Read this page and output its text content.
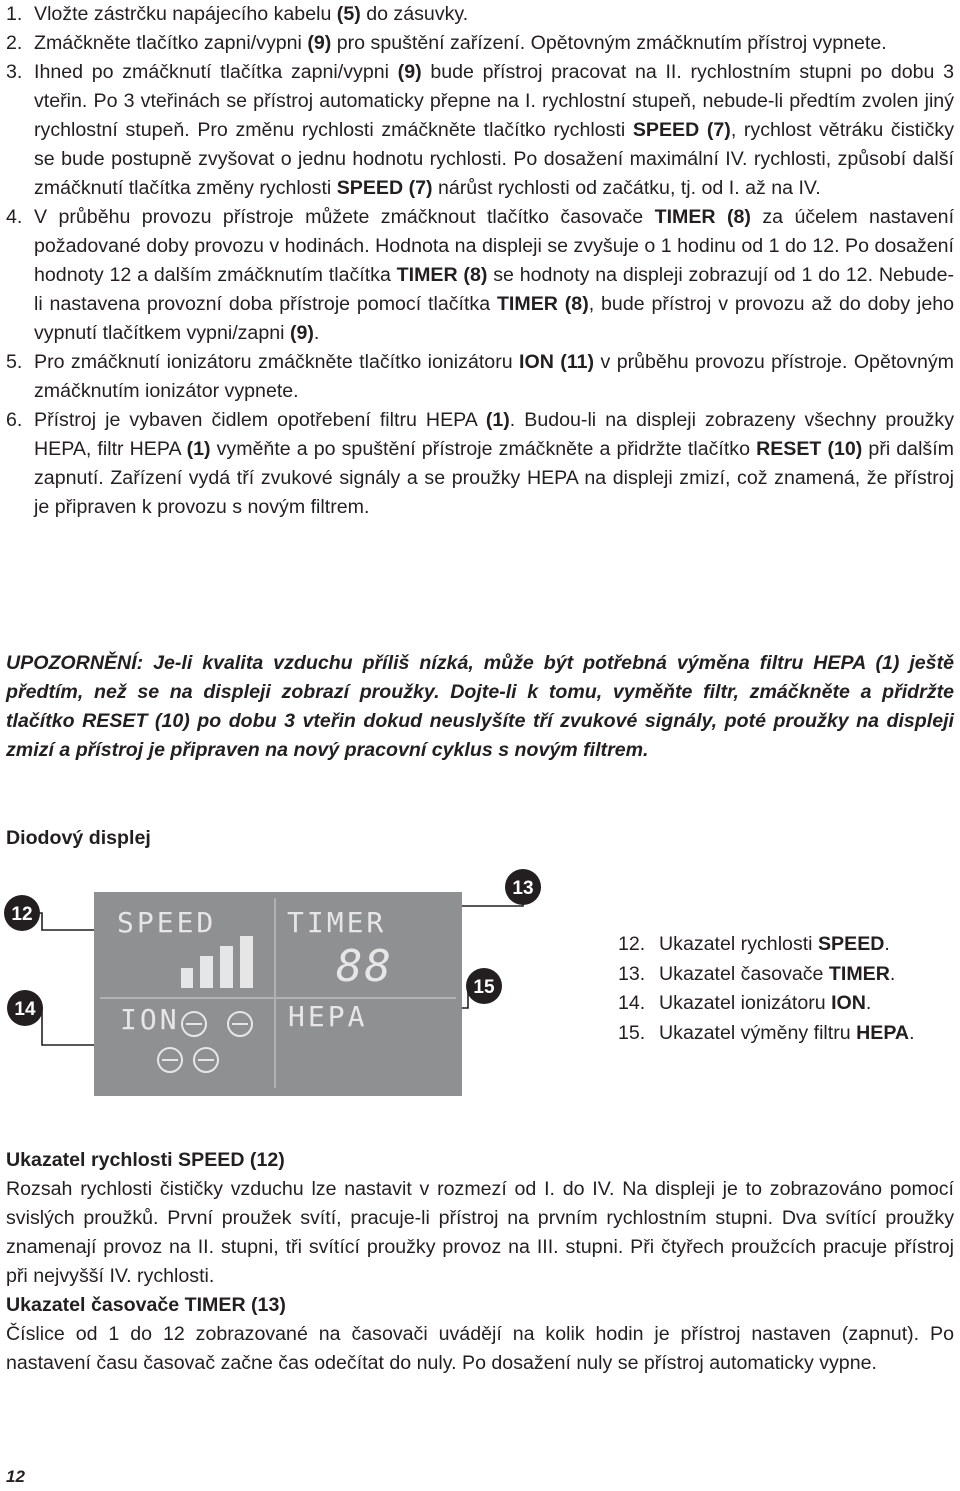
1. Vložte zástrčku napájecího kabelu (5) do zásuvky.
2. Zmáčkněte tlačítko zapni/vypni (9) pro spuštění zařízení. Opětovným zmáčknutím přístroj vypnete.
3. Ihned po zmáčknutí tlačítka zapni/vypni (9) bude přístroj pracovat na II. rychlostním stupni po dobu 3 vteřin. Po 3 vteřinách se přístroj automaticky přepne na I. rychlostní stupeň, nebude-li předtím zvolen jiný rychlostní stupeň. Pro změnu rychlosti zmáčkněte tlačítko rychlosti SPEED (7), rychlost větráku čističky se bude postupně zvyšovat o jednu hodnotu rychlosti. Po dosažení maximální IV. rychlosti, způsobí další zmáčknutí tlačítka změny rychlosti SPEED (7) nárůst rychlosti od začátku, tj. od I. až na IV.
4. V průběhu provozu přístroje můžete zmáčknout tlačítko časovače TIMER (8) za účelem nastavení požadované doby provozu v hodinách. Hodnota na displeji se zvyšuje o 1 hodinu od 1 do 12. Po dosažení hodnoty 12 a dalším zmáčknutím tlačítka TIMER (8) se hodnoty na displeji zobrazují od 1 do 12. Nebude-li nastavena provozní doba přístroje pomocí tlačítka TIMER (8), bude přístroj v provozu až do doby jeho vypnutí tlačítkem vypni/zapni (9).
5. Pro zmáčknutí ionizátoru zmáčkněte tlačítko ionizátoru ION (11) v průběhu provozu přístroje. Opětovným zmáčknutím ionizátor vypnete.
6. Přístroj je vybaven čidlem opotřebení filtru HEPA (1). Budou-li na displeji zobrazeny všechny proužky HEPA, filtr HEPA (1) vyměňte a po spuštění přístroje zmáčkněte a přidržte tlačítko RESET (10) při dalším zapnutí. Zařízení vydá tří zvukové signály a se proužky HEPA na displeji zmizí, což znamená, že přístroj je připraven k provozu s novým filtrem.
UPOZORNĚNÍ: Je-li kvalita vzduchu příliš nízká, může být potřebná výměna filtru HEPA (1) ještě předtím, než se na displeji zobrazí proužky. Dojte-li k tomu, vyměňte filtr, zmáčkněte a přidržte tlačítko RESET (10) po dobu 3 vteřin dokud neuslyšíte tří zvukové signály, poté proužky na displeji zmizí a přístroj je připraven na nový pracovní cyklus s novým filtrem.
Diodový displej
SPEED	TIMER
88
ION	HEPA
12
14
13
15
12. Ukazatel rychlosti SPEED.
13. Ukazatel časovače TIMER.
14. Ukazatel ionizátoru ION.
15. Ukazatel výměny filtru HEPA.
Ukazatel rychlosti SPEED (12)
Rozsah rychlosti čističky vzduchu lze nastavit v rozmezí od I. do IV. Na displeji je to zobrazováno pomocí svislých proužků. První proužek svítí, pracuje-li přístroj na prvním rychlostním stupni. Dva svítící proužky znamenají provoz na II. stupni, tři svítící proužky provoz na III. stupni. Při čtyřech proužcích pracuje přístroj při nejvyšší IV. rychlosti.
Ukazatel časovače TIMER (13)
Číslice od 1 do 12 zobrazované na časovači uvádějí na kolik hodin je přístroj nastaven (zapnut). Po nastavení času časovač začne čas odečítat do nuly. Po dosažení nuly se přístroj automaticky vypne.
12
